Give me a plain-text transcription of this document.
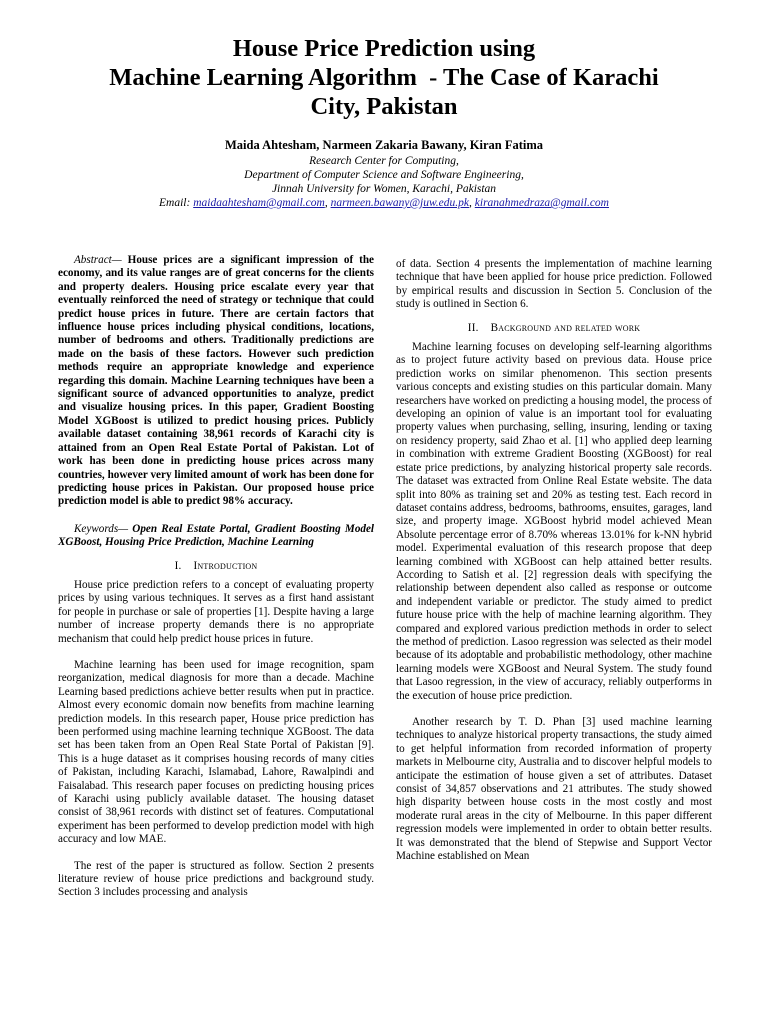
House Price Prediction using
Machine Learning Algorithm  - The Case of Karachi
City, Pakistan
Maida Ahtesham, Narmeen Zakaria Bawany, Kiran Fatima
Research Center for Computing,
Department of Computer Science and Software Engineering,
Jinnah University for Women, Karachi, Pakistan
Email: maidaahtesham@gmail.com, narmeen.bawany@juw.edu.pk, kiranahmedraza@gmail.com

Abstract— House prices are a significant impression of the economy, and its value ranges are of great concerns for the clients and property dealers. Housing price escalate every year that eventually reinforced the need of strategy or technique that could predict house prices in future. There are certain factors that influence house prices including physical conditions, locations, number of bedrooms and others. Traditionally predictions are made on the basis of these factors. However such prediction methods require an appropriate knowledge and experience regarding this domain. Machine Learning techniques have been a significant source of advanced opportunities to analyze, predict and visualize housing prices. In this paper, Gradient Boosting Model XGBoost is utilized to predict housing prices. Publicly available dataset containing 38,961 records of Karachi city is attained from an Open Real Estate Portal of Pakistan. Lot of work has been done in predicting house prices across many countries, however very limited amount of work has been done for predicting house prices in Pakistan. Our proposed house price prediction model is able to predict 98% accuracy.

Keywords— Open Real Estate Portal, Gradient Boosting Model XGBoost, Housing Price Prediction, Machine Learning

I. Introduction

House price prediction refers to a concept of evaluating property prices by using various techniques. It serves as a first hand assistant for people in purchase or sale of properties [1]. Despite having a large number of increase property demands there is no appropriate mechanism that could help predict house prices in future.

Machine learning has been used for image recognition, spam reorganization, medical diagnosis for more than a decade. Machine Learning based predictions achieve better results when put in practice. Almost every economic domain now benefits from machine learning prediction models. In this research paper, House price prediction has been performed using machine learning technique XGBoost. The data set has been taken from an Open Real State Portal of Pakistan [9]. This is a huge dataset as it comprises housing records of many cities of Pakistan, including Karachi, Islamabad, Lahore, Rawalpindi and Faisalabad. This research paper focuses on predicting housing prices of Karachi using publicly available dataset. The housing dataset consist of 38,961 records with distinct set of features. Computational experiment has been performed to develop prediction model with high accuracy and low MAE.

The rest of the paper is structured as follow. Section 2 presents literature review of house price predictions and background study. Section 3 includes processing and analysis

of data. Section 4 presents the implementation of machine learning technique that have been applied for house price prediction. Followed by empirical results and discussion in Section 5. Conclusion of the study is outlined in Section 6.

II. Background and related work

Machine learning focuses on developing self-learning algorithms as to project future activity based on previous data. House price prediction works on similar phenomenon. This section presents various concepts and existing studies on this particular domain. Many researchers have worked on predicting a housing model, the process of developing an opinion of value is an important tool for evaluating property values when purchasing, selling, insuring, lending or taxing on residency property, said Zhao et al. [1] who applied deep learning in combination with extreme Gradient Boosting (XGBoost) for real estate price predictions, by analyzing historical property sale records. The dataset was extracted from Online Real Estate website. The data split into 80% as training set and 20% as testing test. Each record in dataset contains address, bedrooms, bathrooms, ensuites, garages, land size, and property image. XGBoost hybrid model achieved Mean Absolute percentage error of 8.70% whereas 13.01% for k-NN hybrid model. Experimental evaluation of this research propose that deep learning combined with XGBoost can help attained better results. According to Satish et al. [2] regression deals with specifying the relationship between dependent also called as response or outcome and independent variable or predictor. The study aimed to predict future house price with the help of machine learning algorithm. They compared and explored various prediction methods in order to select the method of prediction. Lasoo regression was selected as their model because of its adoptable and probabilistic methodology, other machine learning models were XGBoost and Neural System. The study found that Lasoo regression, in the view of accuracy, reliably outperforms in the execution of house price prediction.

Another research by T. D. Phan [3] used machine learning techniques to analyze historical property transactions, the study aimed to get helpful information from recorded information of property markets in Melbourne city, Australia and to discover helpful models to anticipate the estimation of house given a set of attributes. Dataset consist of 34,857 observations and 21 attributes. The study showed high disparity between house costs in the most costly and most moderate rural areas in the city of Melbourne. In this paper different regression models were implemented in order to obtain better results. It was demonstrated that the blend of Stepwise and Support Vector Machine established on Mean
